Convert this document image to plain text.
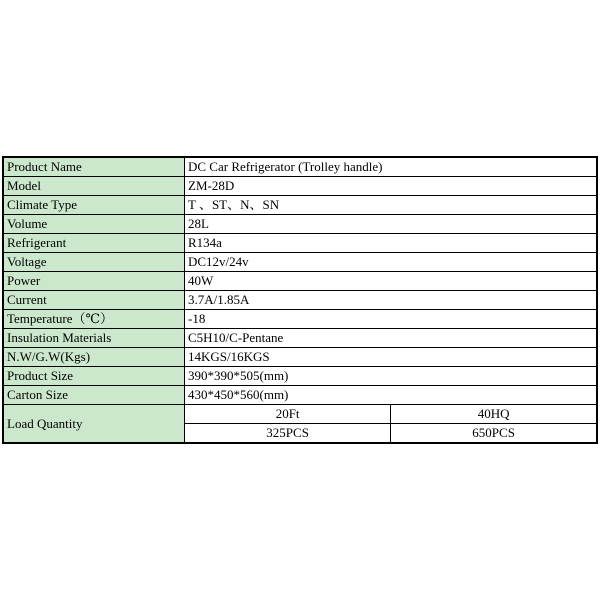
Product Name	DC Car Refrigerator (Trolley handle)	
Model	ZM-28D	
Climate Type	T 、ST、N、SN	
Volume	28L	
Refrigerant	R134a	
Voltage	DC12v/24v	
Power	40W	
Current	3.7A/1.85A	
Temperature（℃）	-18	
Insulation Materials	C5H10/C-Pentane	
N.W/G.W(Kgs)	14KGS/16KGS	
Product Size	390*390*505(mm)	
Carton Size	430*450*560(mm)	
Load Quantity	20Ft	40HQ
	325PCS	650PCS
